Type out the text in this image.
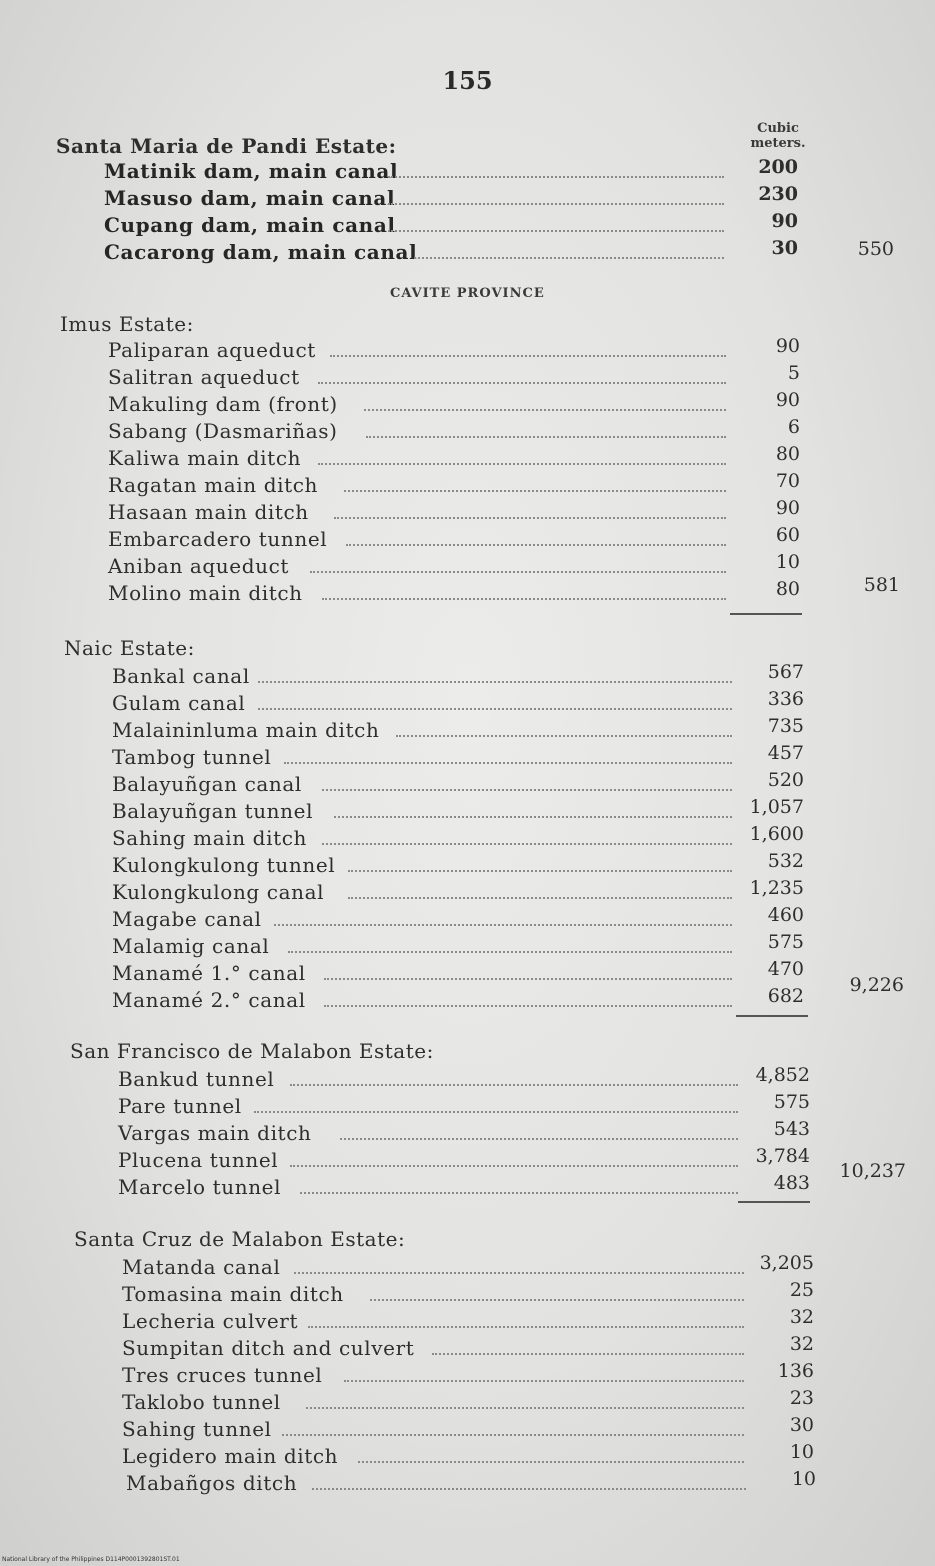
155
Cubic
meters.
Santa Maria de Pandi Estate:
Matinik dam, main canal	200
Masuso dam, main canal	230
Cupang dam, main canal	90
Cacarong dam, main canal	30	550
CAVITE PROVINCE
Imus Estate:
Paliparan aqueduct	90
Salitran aqueduct	5
Makuling dam (front)	90
Sabang (Dasmariñas)	6
Kaliwa main ditch	80
Ragatan main ditch	70
Hasaan main ditch	90
Embarcadero tunnel	60
Aniban aqueduct	10
Molino main ditch	80	581
Naic Estate:
Bankal canal	567
Gulam canal	336
Malaininluma main ditch	735
Tambog tunnel	457
Balayuñgan canal	520
Balayuñgan tunnel	1,057
Sahing main ditch	1,600
Kulongkulong tunnel	532
Kulongkulong canal	1,235
Magabe canal	460
Malamig canal	575
Manamé 1.° canal	470
Manamé 2.° canal	682	9,226
San Francisco de Malabon Estate:
Bankud tunnel	4,852
Pare tunnel	575
Vargas main ditch	543
Plucena tunnel	3,784
Marcelo tunnel	483
10,237
Santa Cruz de Malabon Estate:
Matanda canal	3,205
Tomasina main ditch	25
Lecheria culvert	32
Sumpitan ditch and culvert	32
Tres cruces tunnel	136
Taklobo tunnel	23
Sahing tunnel	30
Legidero main ditch	10
Mabañgos ditch	10
National Library of the Philippines D114P0001392801ST.01
